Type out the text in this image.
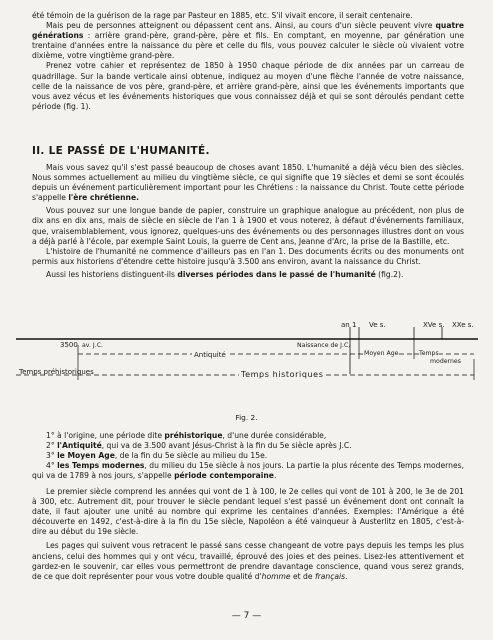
été témoin de la guérison de la rage par Pasteur en 1885, etc. S'il vivait encore, il serait centenaire.

Mais peu de personnes atteignent ou dépassent cent ans. Ainsi, au cours d'un siècle peuvent vivre quatre générations : arrière grand-père, grand-père, père et fils. En comptant, en moyenne, par génération une trentaine d'années entre la naissance du père et celle du fils, vous pouvez calculer le siècle où vivaient votre dixième, votre vingtième grand-père.

Prenez votre cahier et représentez de 1850 à 1950 chaque période de dix années par un carreau de quadrillage. Sur la bande verticale ainsi obtenue, indiquez au moyen d'une flèche l'année de votre naissance, celle de la naissance de vos père, grand-père, et arrière grand-père, ainsi que les événements importants que vous avez vécus et les événements historiques que vous connaissez déjà et qui se sont déroulés pendant cette période (fig. 1).

II. LE PASSÉ DE L'HUMANITÉ.

Mais vous savez qu'il s'est passé beaucoup de choses avant 1850. L'humanité a déjà vécu bien des siècles. Nous sommes actuellement au milieu du vingtième siècle, ce qui signifie que 19 siècles et demi se sont écoulés depuis un événement particulièrement important pour les Chrétiens : la naissance du Christ. Toute cette période s'appelle l'ère chrétienne.

Vous pouvez sur une longue bande de papier, construire un graphique analogue au précédent, non plus de dix ans en dix ans, mais de siècle en siècle de l'an 1 à 1900 et vous noterez, à défaut d'événements familiaux, que, vraisemblablement, vous ignorez, quelques-uns des événements ou des personnages illustres dont on vous a déjà parlé à l'école, par exemple Saint Louis, la guerre de Cent ans, Jeanne d'Arc, la prise de la Bastille, etc.

L'histoire de l'humanité ne commence d'ailleurs pas en l'an 1. Des documents écrits ou des monuments ont permis aux historiens d'étendre cette histoire jusqu'à 3.500 ans environ, avant la naissance du Christ.

Aussi les historiens distinguent-ils diverses périodes dans le passé de l'humanité (fig.2).

an 1 Ve s.	XVe s. XXe s.
3500 av. J.C.	Naissance de J.C.
Antiquité	Moyen Age	Temps
modernes
Temps préhistoriques	Temps historiques
Fig. 2.

1° à l'origine, une période dite préhistorique, d'une durée considérable,

2° l'Antiquité, qui va de 3.500 avant Jésus-Christ à la fin du 5e siècle après J.C.

3° le Moyen Age, de la fin du 5e siècle au milieu du 15e.

4° les Temps modernes, du milieu du 15e siècle à nos jours. La partie la plus récente des Temps modernes, qui va de 1789 à nos jours, s'appelle période contemporaine.

Le premier siècle comprend les années qui vont de 1 à 100, le 2e celles qui vont de 101 à 200, le 3e de 201 à 300, etc. Autrement dit, pour trouver le siècle pendant lequel s'est passé un événement dont ont connaît la date, il faut ajouter une unité au nombre qui exprime les centaines d'années. Exemples: l'Amérique a été découverte en 1492, c'est-à-dire à la fin du 15e siècle, Napoléon a été vainqueur à Austerlitz en 1805, c'est-à-dire au début du 19e siècle.

Les pages qui suivent vous retracent le passé sans cesse changeant de votre pays depuis les temps les plus anciens, celui des hommes qui y ont vécu, travaillé, éprouvé des joies et des peines. Lisez-les attentivement et gardez-en le souvenir, car elles vous permettront de prendre davantage conscience, quand vous serez grands, de ce que doit représenter pour vous votre double qualité d'homme et de français.

— 7 —
